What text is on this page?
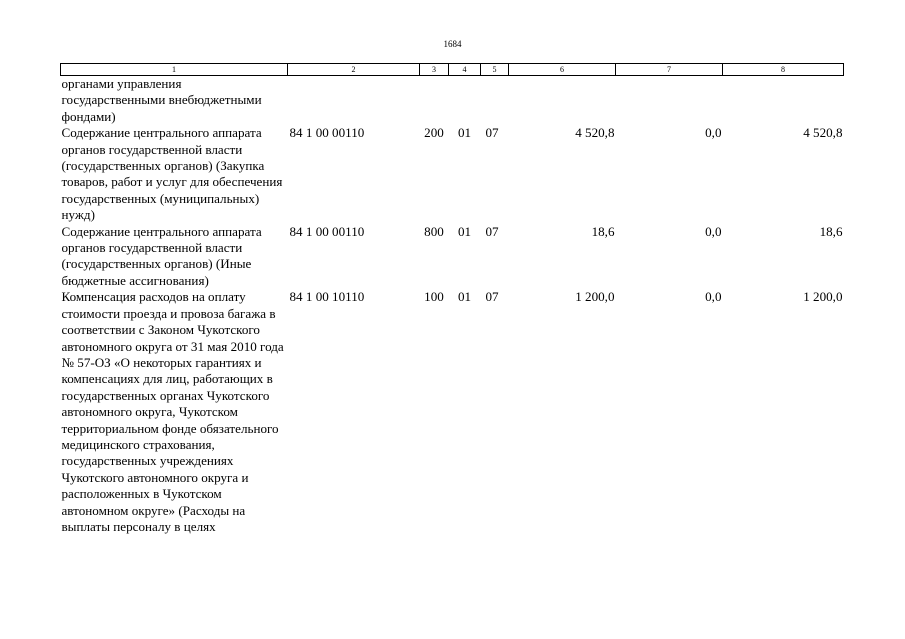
1684
1	2	3	4	5	6	7	8
органами управления государственными внебюджетными фондами)							
Содержание центрального аппарата органов государственной власти (государственных органов) (Закупка товаров, работ и услуг для обеспечения государственных (муниципальных) нужд)	84 1 00 00110	200	01	07	4 520,8	0,0	4 520,8
Содержание центрального аппарата органов государственной власти (государственных органов) (Иные бюджетные ассигнования)	84 1 00 00110	800	01	07	18,6	0,0	18,6
Компенсация расходов на оплату стоимости проезда и провоза багажа в соответствии с Законом Чукотского автономного округа от 31 мая 2010 года № 57-ОЗ «О некоторых гарантиях и компенсациях для лиц, работающих в государственных органах Чукотского автономного округа, Чукотском территориальном фонде обязательного медицинского страхования, государственных учреждениях Чукотского автономного округа и расположенных в Чукотском автономном округе» (Расходы на выплаты персоналу в целях	84 1 00 10110	100	01	07	1 200,0	0,0	1 200,0
